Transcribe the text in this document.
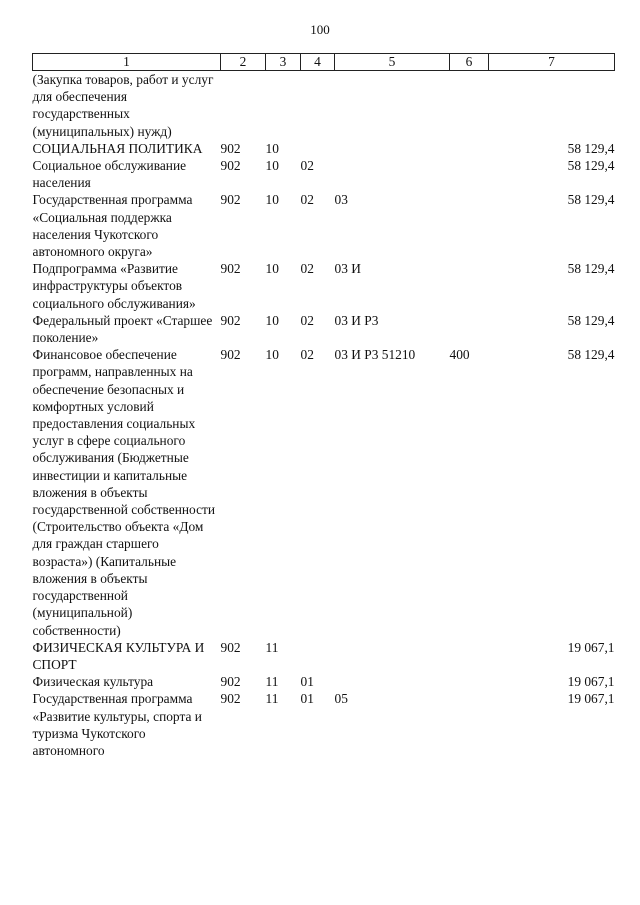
100
1	2	3	4	5	6	7
(Закупка товаров, работ и услуг для обеспечения государственных (муниципальных) нужд)						
СОЦИАЛЬНАЯ ПОЛИТИКА	902	10				58 129,4
Социальное обслуживание населения	902	10	02			58 129,4
Государственная программа «Социальная поддержка населения Чукотского автономного округа»	902	10	02	03		58 129,4
Подпрограмма «Развитие инфраструктуры объектов социального обслуживания»	902	10	02	03 И		58 129,4
Федеральный проект «Старшее поколение»	902	10	02	03 И Р3		58 129,4
Финансовое обеспечение программ, направленных на обеспечение безопасных и комфортных условий предоставления социальных услуг в сфере социального обслуживания (Бюджетные инвестиции и капитальные вложения в объекты государственной собственности (Строительство объекта «Дом для граждан старшего возраста») (Капитальные вложения в объекты государственной (муниципальной) собственности)	902	10	02	03 И Р3 51210	400	58 129,4
ФИЗИЧЕСКАЯ КУЛЬТУРА И СПОРТ	902	11				19 067,1
Физическая культура	902	11	01			19 067,1
Государственная программа «Развитие культуры, спорта и туризма Чукотского автономного	902	11	01	05		19 067,1
